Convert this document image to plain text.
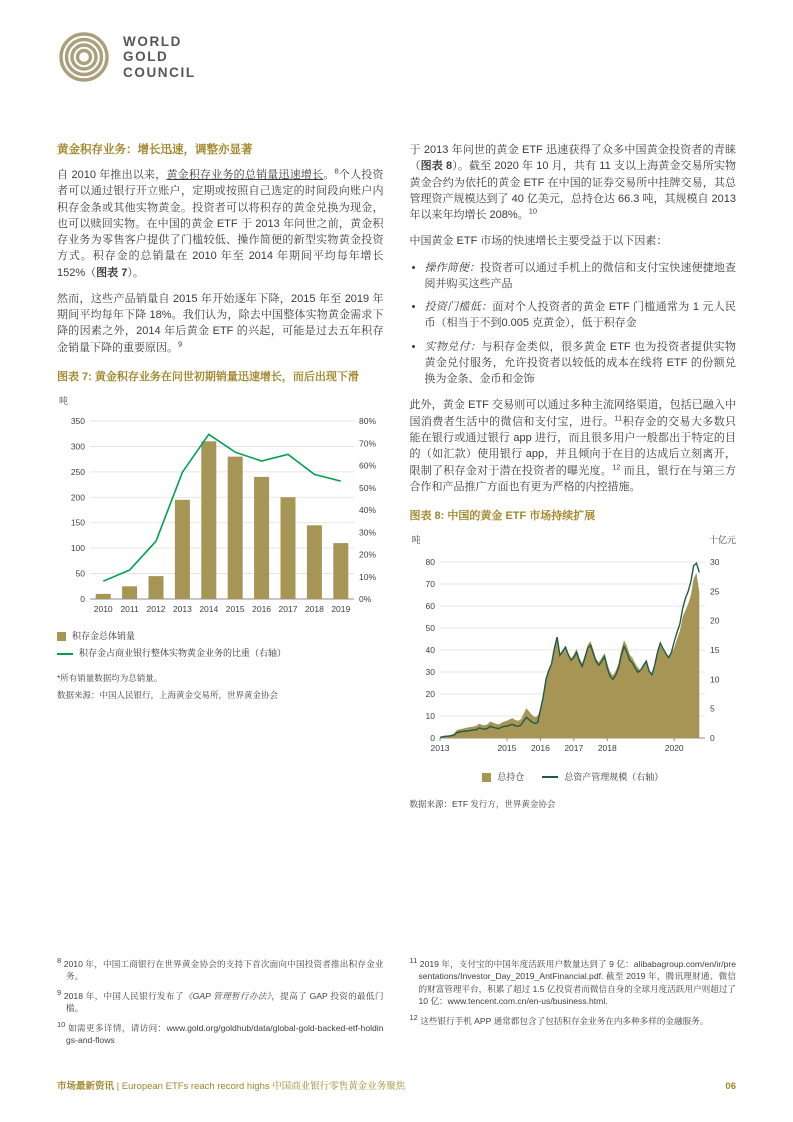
WORLD
GOLD
COUNCIL
黄金积存业务：增长迅速，调整亦显著

自 2010 年推出以来，黄金积存业务的总销量迅速增长。$^8$个人投资者可以通过银行开立账户，定期或按照自己选定的时间段向账户内积存金条或其他实物黄金。投资者可以将积存的黄金兑换为现金，也可以赎回实物。在中国的黄金 ETF 于 2013 年问世之前，黄金积存业务为零售客户提供了门槛较低、操作简便的新型实物黄金投资方式。积存金的总销量在 2010 年至 2014 年期间平均每年增长 152%（图表 7）。

然而，这些产品销量自 2015 年开始逐年下降，2015 年至 2019 年期间平均每年下降 18%。我们认为，除去中国整体实物黄金需求下降的因素之外，2014 年后黄金 ETF 的兴起，可能是过去五年积存金销量下降的重要原因。$^9$

图表 7: 黄金积存业务在问世初期销量迅速增长，而后出现下滑
吨
350
300
250
200
150
100
50
0	0%
10%
20%
30%
40%
50%
60%
70%
80%
2010 2011 2012 2013 2014 2015 2016 2017 2018 2019
积存金总体销量
积存金占商业银行整体实物黄金业务的比重（右轴）
*所有销量数据均为总销量。
数据来源：中国人民银行，上海黄金交易所，世界黄金协会

于 2013 年问世的黄金 ETF 迅速获得了众多中国黄金投资者的青睐（图表 8）。截至 2020 年 10 月，共有 11 支以上海黄金交易所实物黄金合约为依托的黄金 ETF 在中国的证券交易所中挂牌交易，其总管理资产规模达到了 40 亿美元，总持仓达 66.3 吨，其规模自 2013 年以来年均增长 208%。$^{10}$

中国黄金 ETF 市场的快速增长主要受益于以下因素：

• 操作简便：投资者可以通过手机上的微信和支付宝快速便捷地查阅并购买这些产品
• 投资门槛低：面对个人投资者的黄金 ETF 门槛通常为 1 元人民币（相当于不到0.005 克黄金），低于积存金
• 实物兑付：与积存金类似，很多黄金 ETF 也为投资者提供实物黄金兑付服务，允许投资者以较低的成本在线将 ETF 的份额兑换为金条、金币和金饰

此外，黄金 ETF 交易则可以通过多种主流网络渠道，包括已融入中国消费者生活中的微信和支付宝，进行。$^{11}$积存金的交易大多数只能在银行或通过银行 app 进行，而且很多用户一般都出于特定的目的（如汇款）使用银行 app，并且倾向于在目的达成后立刻离开，限制了积存金对于潜在投资者的曝光度。$^{12}$ 而且，银行在与第三方合作和产品推广方面也有更为严格的内控措施。

图表 8: 中国的黄金 ETF 市场持续扩展
吨	十亿元
80
70
60
50
40
30
20
10
0	0
5
10
15
20
25
30
2013	2015 2016 2017 2018	2020
总持仓	总资产管理规模（右轴）
数据来源：ETF 发行方，世界黄金协会
$^8$ 2010 年，中国工商银行在世界黄金协会的支持下首次面向中国投资者推出积存金业务。
$^9$ 2018 年，中国人民银行发布了《GAP 管理暂行办法》，提高了 GAP 投资的最低门槛。
$^{10}$ 如需更多详情，请访问：www.gold.org/goldhub/data/global-gold-backed-etf-holdings-and-flows
$^{11}$ 2019 年，支付宝的中国年度活跃用户数量达到了 9 亿：alibabagroup.com/en/ir/presentations/Investor_Day_2019_AntFinancial.pdf. 截至 2019 年，腾讯理财通、微信的财富管理平台，积累了超过 1.5 亿投资者而微信自身的全球月度活跃用户则超过了 10 亿：www.tencent.com.cn/en-us/business.html.
$^{12}$ 这些银行手机 APP 通常都包含了包括积存金业务在内多种多样的金融服务。
市场最新资讯 | European ETFs reach record highs 中国商业银行零售黄金业务聚焦	06
